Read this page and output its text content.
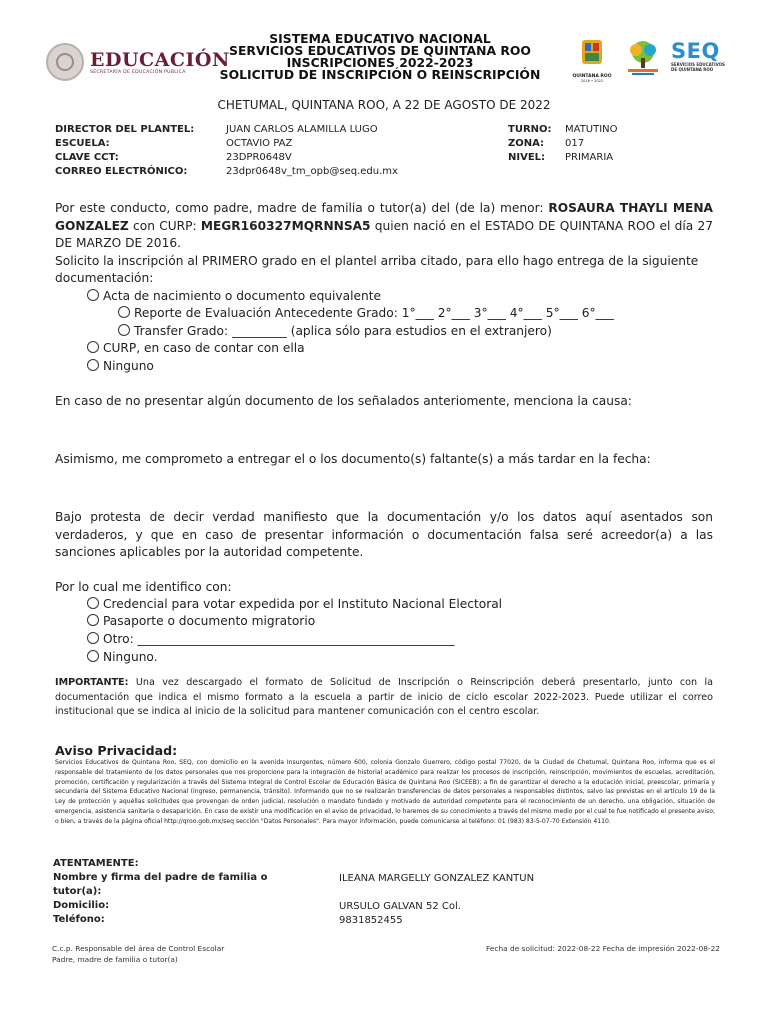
EDUCACIÓN
SECRETARÍA DE EDUCACIÓN PÚBLICA
SISTEMA EDUCATIVO NACIONAL
SERVICIOS EDUCATIVOS DE QUINTANA ROO
INSCRIPCIONES 2022-2023
SOLICITUD DE INSCRIPCIÓN O REINSCRIPCIÓN	QUINTANA ROO
2016 • 2022
SEQ
SERVICIOS EDUCATIVOS
DE QUINTANA ROO
CHETUMAL, QUINTANA ROO, A 22 DE AGOSTO DE 2022
DIRECTOR DEL PLANTEL:
ESCUELA:
CLAVE CCT:
CORREO ELECTRÓNICO:
JUAN CARLOS ALAMILLA LUGO
OCTAVIO PAZ
23DPR0648V
23dpr0648v_tm_opb@seq.edu.mx
TURNO:
ZONA:
NIVEL:
MATUTINO
017
PRIMARIA
Por este conducto, como padre, madre de familia o tutor(a) del (de la) menor: ROSAURA THAYLI MENA GONZALEZ con CURP: MEGR160327MQRNNSA5 quien nació en el ESTADO DE QUINTANA ROO el día 27 DE MARZO DE 2016.
Solicito la inscripción al PRIMERO grado en el plantel arriba citado, para ello hago entrega de la siguiente documentación:
Acta de nacimiento o documento equivalente
Reporte de Evaluación Antecedente Grado: 1°___ 2°___ 3°___ 4°___ 5°___ 6°___
Transfer Grado: _________ (aplica sólo para estudios en el extranjero)
CURP, en caso de contar con ella
Ninguno
En caso de no presentar algún documento de los señalados anteriomente, menciona la causa:
Asimismo, me comprometo a entregar el o los documento(s) faltante(s) a más tardar en la fecha:
Bajo protesta de decir verdad manifiesto que la documentación y/o los datos aquí asentados son verdaderos, y que en caso de presentar información o documentación falsa seré acreedor(a) a las sanciones aplicables por la autoridad competente.
Por lo cual me identifico con:
Credencial para votar expedida por el Instituto Nacional Electoral
Pasaporte o documento migratorio
Otro: ____________________________________________________
Ninguno.
IMPORTANTE: Una vez descargado el formato de Solicitud de Inscripción o Reinscripción deberá presentarlo, junto con la documentación que indica el mismo formato a la escuela a partir de inicio de ciclo escolar 2022-2023. Puede utilizar el correo institucional que se indica al inicio de la solicitud para mantener comunicación con el centro escolar.
Aviso Privacidad:
Servicios Educativos de Quintana Roo, SEQ, con domicilio en la avenida Insurgentes, número 600, colonia Gonzalo Guerrero, código postal 77020, de la Ciudad de Chetumal, Quintana Roo, informa que es el responsable del tratamiento de los datos personales que nos proporcione para la integración de historial académico para realizar los procesos de inscripción, reinscripción, movimientos de escuelas, acreditación, promoción, certificación y regularización a través del Sistema Integral de Control Escolar de Educación Básica de Quintana Roo (SICEEB); a fin de garantizar el derecho a la educación inicial, preescolar, primaria y secundaria del Sistema Educativo Nacional (ingreso, permanencia, tránsito). Informando que no se realizarán transferencias de datos personales a responsables distintos, salvo las previstas en el artículo 19 de la Ley de protección y aquéllas solicitudes que provengan de orden judicial, resolución o mandato fundado y motivado de autoridad competente para el reconocimiento de un derecho, una obligación, situación de emergencia, asistencia sanitaria o desaparición. En caso de existir una modificación en el aviso de privacidad, lo haremos de su conocimiento a través del mismo medio por el cual te fue notificado el presente aviso; o bien, a través de la página oficial http://qroo.gob.mx/seq sección "Datos Personales". Para mayor información, puede comunicarse al teléfono: 01 (983) 83-5-07-70 Extensión 4110.
ATENTAMENTE:
Nombre y firma del padre de familia o tutor(a):
Domicilio:
Teléfono:
ILEANA MARGELLY GONZALEZ KANTUN
URSULO GALVAN 52 Col.
9831852455
C.c.p. Responsable del área de Control Escolar
Padre, madre de familia o tutor(a)
Fecha de solicitud: 2022-08-22 Fecha de impresión 2022-08-22
